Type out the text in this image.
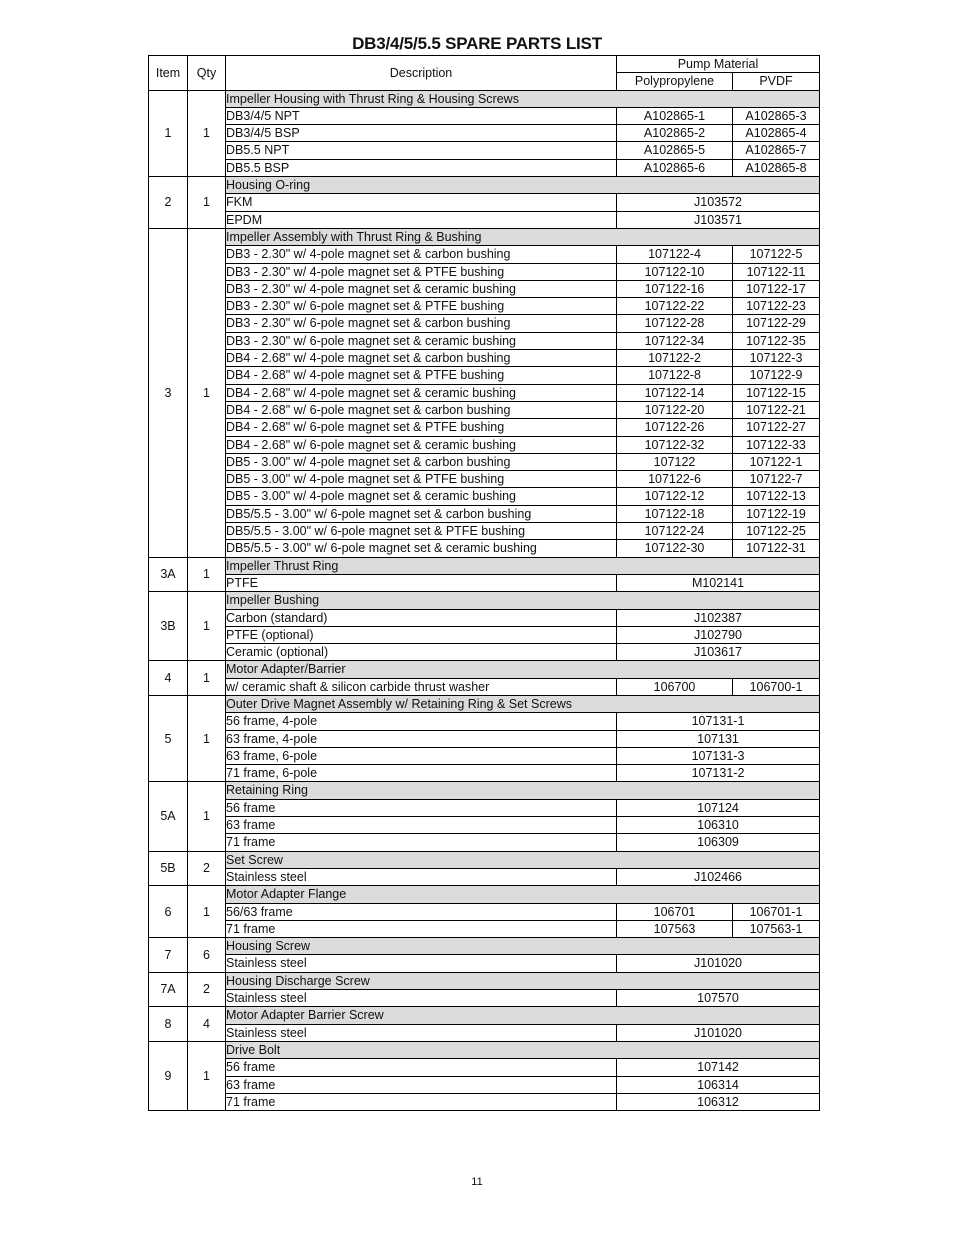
DB3/4/5/5.5 SPARE PARTS LIST
Item	Qty	Description	Pump Material	
			Polypropylene	PVDF
1	1	Impeller Housing with Thrust Ring & Housing Screws		
		DB3/4/5 NPT	A102865-1	A102865-3
		DB3/4/5 BSP	A102865-2	A102865-4
		DB5.5 NPT	A102865-5	A102865-7
		DB5.5 BSP	A102865-6	A102865-8
2	1	Housing O-ring		
		FKM	J103572	
		EPDM	J103571	
3	1	Impeller Assembly with Thrust Ring & Bushing		
		DB3 - 2.30" w/ 4-pole magnet set & carbon bushing	107122-4	107122-5
		DB3 - 2.30" w/ 4-pole magnet set & PTFE bushing	107122-10	107122-11
		DB3 - 2.30" w/ 4-pole magnet set & ceramic bushing	107122-16	107122-17
		DB3 - 2.30" w/ 6-pole magnet set & PTFE bushing	107122-22	107122-23
		DB3 - 2.30" w/ 6-pole magnet set & carbon bushing	107122-28	107122-29
		DB3 - 2.30" w/ 6-pole magnet set & ceramic bushing	107122-34	107122-35
		DB4 - 2.68" w/ 4-pole magnet set & carbon bushing	107122-2	107122-3
		DB4 - 2.68" w/ 4-pole magnet set & PTFE bushing	107122-8	107122-9
		DB4 - 2.68" w/ 4-pole magnet set & ceramic bushing	107122-14	107122-15
		DB4 - 2.68" w/ 6-pole magnet set & carbon bushing	107122-20	107122-21
		DB4 - 2.68" w/ 6-pole magnet set & PTFE bushing	107122-26	107122-27
		DB4 - 2.68" w/ 6-pole magnet set & ceramic bushing	107122-32	107122-33
		DB5 - 3.00" w/ 4-pole magnet set & carbon bushing	107122	107122-1
		DB5 - 3.00" w/ 4-pole magnet set & PTFE bushing	107122-6	107122-7
		DB5 - 3.00" w/ 4-pole magnet set & ceramic bushing	107122-12	107122-13
		DB5/5.5 - 3.00" w/ 6-pole magnet set & carbon bushing	107122-18	107122-19
		DB5/5.5 - 3.00" w/ 6-pole magnet set & PTFE bushing	107122-24	107122-25
		DB5/5.5 - 3.00" w/ 6-pole magnet set & ceramic bushing	107122-30	107122-31
3A	1	Impeller Thrust Ring		
		PTFE	M102141	
3B	1	Impeller Bushing		
		Carbon (standard)	J102387	
		PTFE (optional)	J102790	
		Ceramic (optional)	J103617	
4	1	Motor Adapter/Barrier		
		w/ ceramic shaft & silicon carbide thrust washer	106700	106700-1
5	1	Outer Drive Magnet Assembly w/ Retaining Ring & Set Screws		
		56 frame, 4-pole	107131-1	
		63 frame, 4-pole	107131	
		63 frame, 6-pole	107131-3	
		71 frame, 6-pole	107131-2	
5A	1	Retaining Ring		
		56 frame	107124	
		63 frame	106310	
		71 frame	106309	
5B	2	Set Screw		
		Stainless steel	J102466	
6	1	Motor Adapter Flange		
		56/63 frame	106701	106701-1
		71 frame	107563	107563-1
7	6	Housing Screw		
		Stainless steel	J101020	
7A	2	Housing Discharge Screw		
		Stainless steel	107570	
8	4	Motor Adapter Barrier Screw		
		Stainless steel	J101020	
9	1	Drive Bolt		
		56 frame	107142	
		63 frame	106314	
		71 frame	106312	
11
